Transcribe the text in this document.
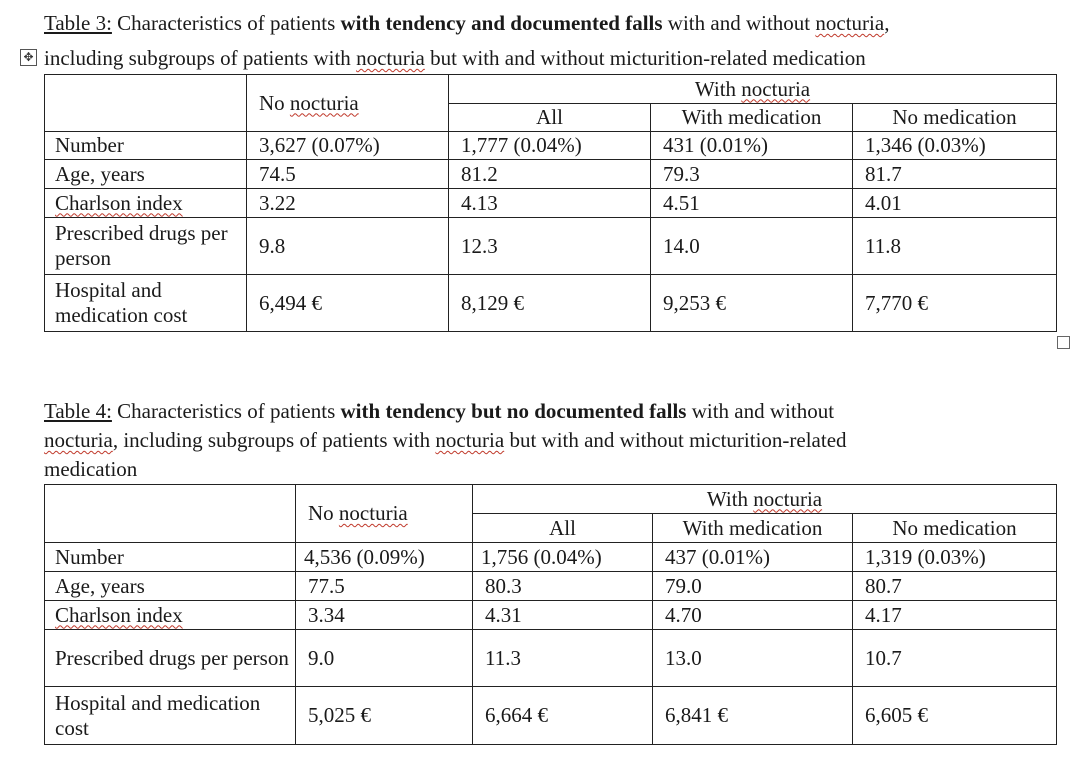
Table 3: Characteristics of patients with tendency and documented falls with and without nocturia,

✥ including subgroups of patients with nocturia but with and without micturition-related medication

	No nocturia	With nocturia		
		All	With medication	No medication
Number	3,627 (0.07%)	1,777 (0.04%)	431 (0.01%)	1,346 (0.03%)
Age, years	74.5	81.2	79.3	81.7
Charlson index	3.22	4.13	4.51	4.01
Prescribed drugs per person	9.8	12.3	14.0	11.8
Hospital and medication cost	6,494 €	8,129 €	9,253 €	7,770 €

Table 4: Characteristics of patients with tendency but no documented falls with and without

nocturia, including subgroups of patients with nocturia but with and without micturition-related

medication

	No nocturia	With nocturia		
		All	With medication	No medication
Number	4,536 (0.09%)	1,756 (0.04%)	437 (0.01%)	1,319 (0.03%)
Age, years	77.5	80.3	79.0	80.7
Charlson index	3.34	4.31	4.70	4.17
Prescribed drugs per person	9.0	11.3	13.0	10.7
Hospital and medication cost	5,025 €	6,664 €	6,841 €	6,605 €
